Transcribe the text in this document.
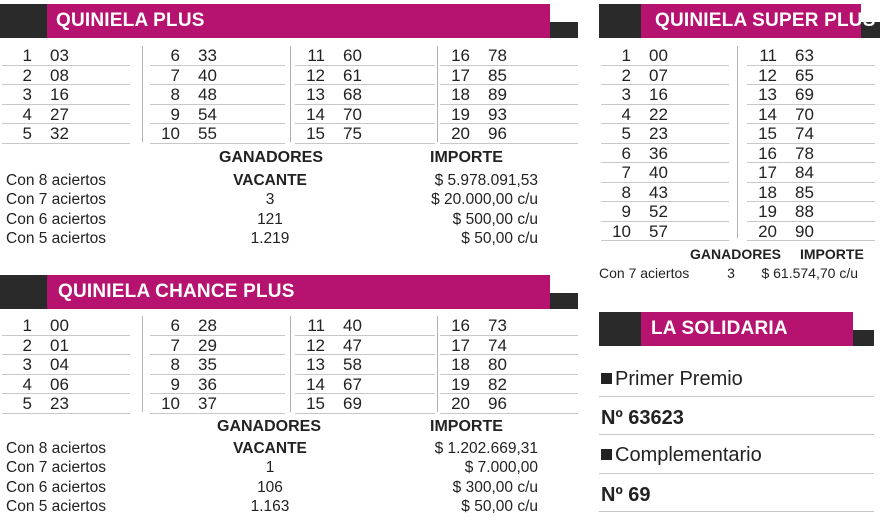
QUINIELA PLUS
1 03
2 08
3 16
4 27
5 32
6 33
7 40
8 48
9 54
10 55
11 60
12 61
13 68
14 70
15 75
16 78
17 85
18 89
19 93
20 96
GANADORES	IMPORTE
Con 8 aciertos	VACANTE	$ 5.978.091,53
Con 7 aciertos	3	$ 20.000,00 c/u
Con 6 aciertos	121	$ 500,00 c/u
Con 5 aciertos	1.219	$ 50,00 c/u
QUINIELA CHANCE PLUS
1 00
2 01
3 04
4 06
5 23
6 28
7 29
8 35
9 36
10 37
11 40
12 47
13 58
14 67
15 69
16 73
17 74
18 80
19 82
20 96
GANADORES	IMPORTE
Con 8 aciertos	VACANTE	$ 1.202.669,31
Con 7 aciertos	1	$ 7.000,00
Con 6 aciertos	106	$ 300,00 c/u
Con 5 aciertos	1.163	$ 50,00 c/u
QUINIELA SUPER PLUS
1 00
2 07
3 16
4 22
5 23
6 36
7 40
8 43
9 52
10 57
11 63
12 65
13 69
14 70
15 74
16 78
17 84
18 85
19 88
20 90
GANADORES IMPORTE
Con 7 aciertos	3	$ 61.574,70 c/u
LA SOLIDARIA
Primer Premio
Nº 63623
Complementario
Nº 69
